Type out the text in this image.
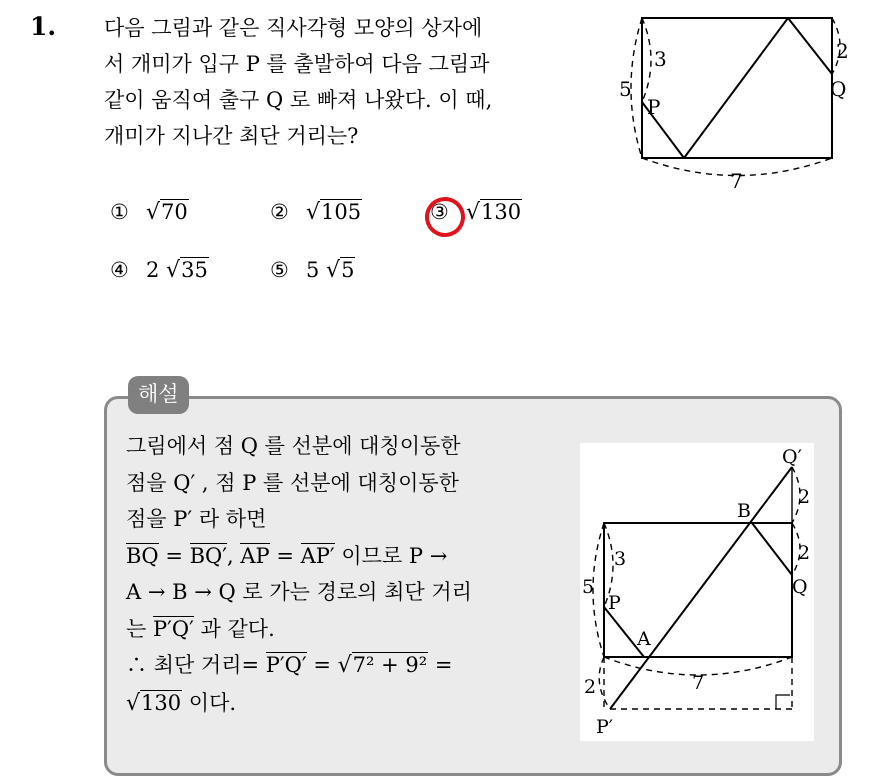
1. 다음 그림과 같은 직사각형 모양의 상자에
서 개미가 입구 P 를 출발하여 다음 그림과
같이 움직여 출구 Q 로 빠져 나왔다. 이 때,
개미가 지나간 최단 거리는?
3
5
P
2
Q
7
① √70	② √105	③ √130
④ 2 √35	⑤ 5 √5
해설
그림에서 점 Q 를 선분에 대칭이동한
점을 Q′ , 점 P 를 선분에 대칭이동한
점을 P′ 라 하면
BQ = BQ′, AP = AP′ 이므로 P →
A → B → Q 로 가는 경로의 최단 거리
는 P′Q′ 과 같다.
∴ 최단 거리= P′Q′ = √7² + 9² =
√130 이다.
Q′
B
2
2
3
5
P
Q
A
7
2
P′
